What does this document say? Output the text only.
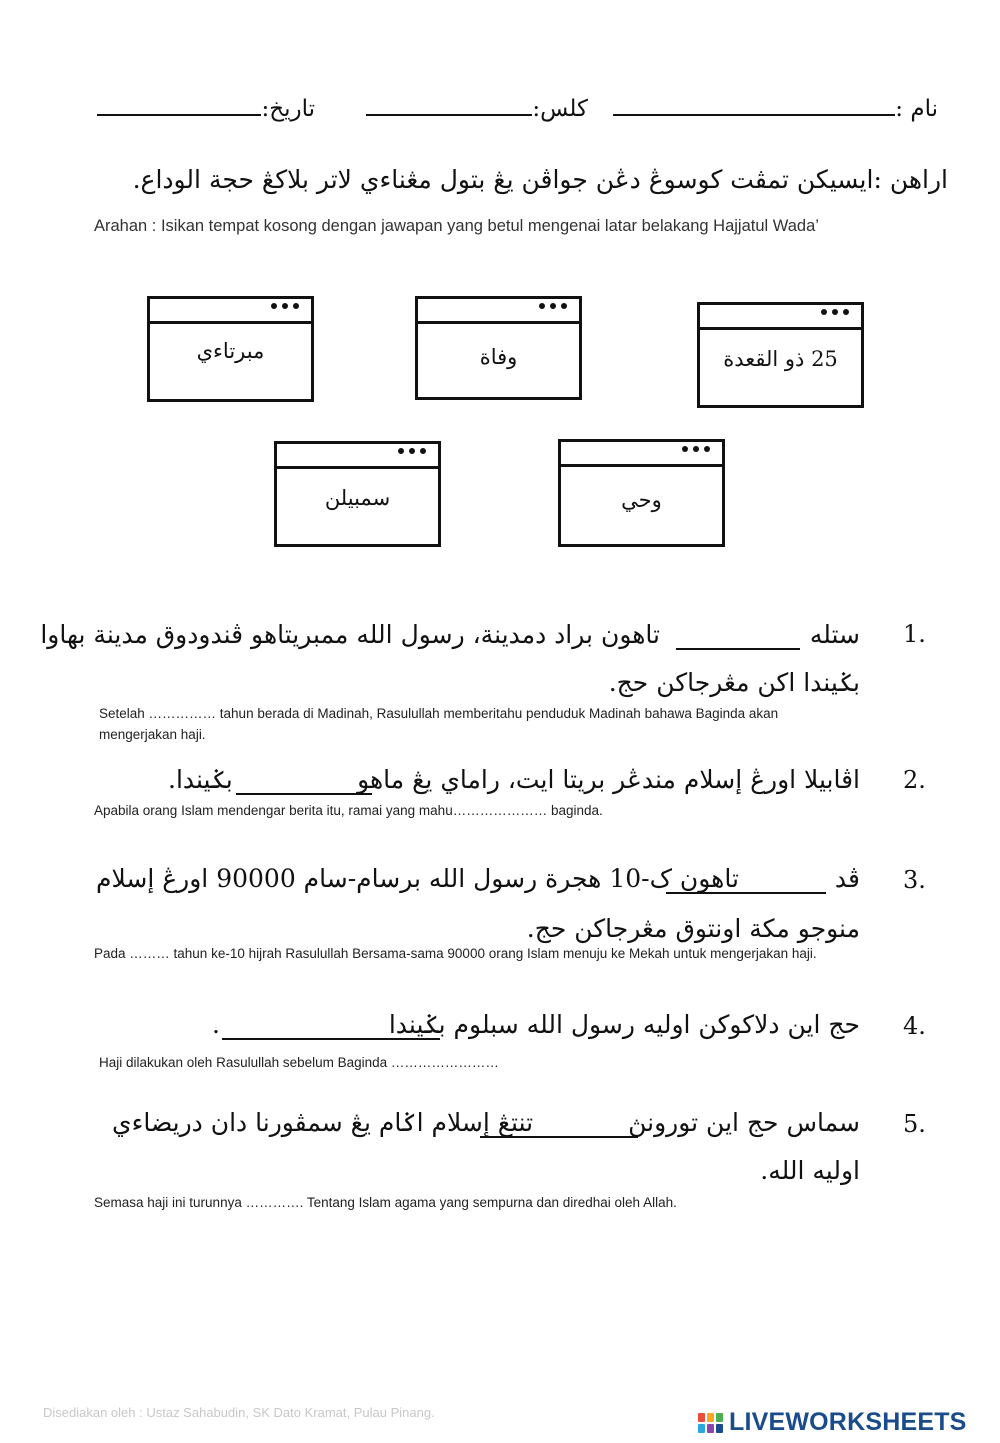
نام :
كلس:
تاريخ:
اراهن :ايسيکن تمڤت کوسوڠ دڠن جواڤن يڠ بتول مڠناءي لاتر بلاکڠ حجة الوداع.
Arahan : Isikan tempat kosong dengan jawapan yang betul mengenai latar belakang Hajjatul Wada’
مبرتاءي	وفاة	25 ذو القعدة
سمبيلن	وحي
1.
ستله
تاهون براد دمدينة، رسول الله ممبريتاهو ڤندودوق مدينة بهاوا
بݢيندا اکن مڠرجاکن حج.
Setelah …………… tahun berada di Madinah, Rasulullah memberitahu penduduk Madinah bahawa Baginda akan mengerjakan haji.
2.
اڤابيلا اورڠ إسلام مندڠر بريتا ايت، راماي يڠ ماهو
بݢيندا.
Apabila orang Islam mendengar berita itu, ramai yang mahu………………… baginda.
3.
ڤد
تاهون ک-10 هجرة رسول الله برسام-سام 90000 اورڠ إسلام
منوجو مکة اونتوق مڠرجاکن حج.
Pada ……… tahun ke-10 hijrah Rasulullah Bersama-sama 90000 orang Islam menuju ke Mekah untuk mengerjakan haji.
4.
حج اين دلاکوکن اوليه رسول الله سبلوم بݢيندا
.
Haji dilakukan oleh Rasulullah sebelum Baginda ……………………
5.
سماس حج اين تورونڽ
تنتڠ إسلام اݢام يڠ سمڤورنا دان دريضاءي
اوليه الله.
Semasa haji ini turunnya …………. Tentang Islam agama yang sempurna dan diredhai oleh Allah.
Disediakan oleh : Ustaz Sahabudin, SK Dato Kramat, Pulau Pinang.	LIVEWORKSHEETS
